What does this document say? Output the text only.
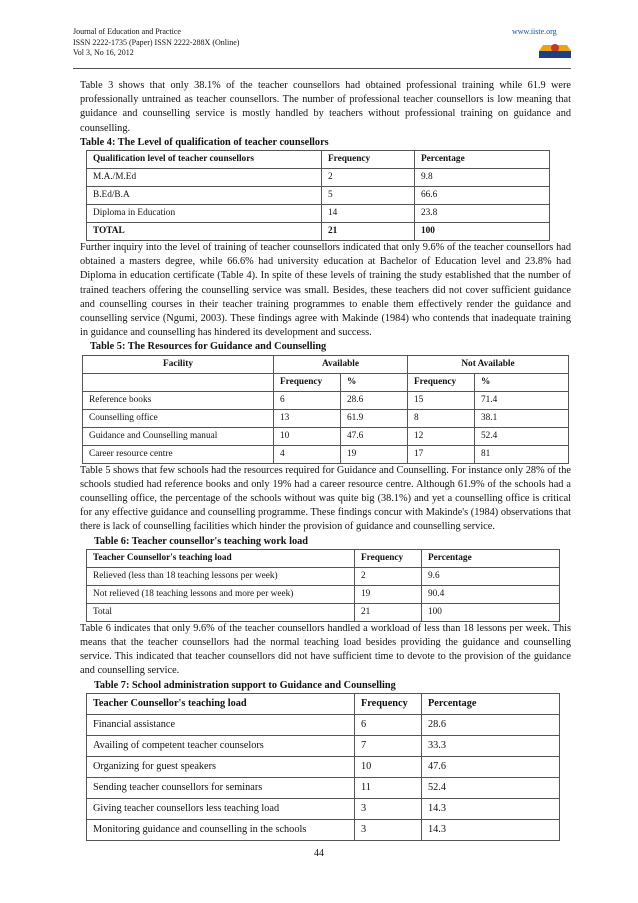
Journal of Education and Practice
ISSN 2222-1735 (Paper) ISSN 2222-288X (Online)
Vol 3, No 16, 2012
www.iiste.org

Table 3 shows that only 38.1% of the teacher counsellors had obtained professional training while 61.9 were professionally untrained as teacher counsellors. The number of professional teacher counsellors is low meaning that guidance and counselling service is mostly handled by teachers without professional training on guidance and counselling.

Table 4: The Level of qualification of teacher counsellors
Qualification level of teacher counsellors	Frequency	Percentage
M.A./M.Ed	2	9.8
B.Ed/B.A	5	66.6
Diploma in Education	14	23.8
TOTAL	21	100

Further inquiry into the level of training of teacher counsellors indicated that only 9.6% of the teacher counsellors had obtained a masters degree, while 66.6% had university education at Bachelor of Education level and 23.8% had Diploma in education certificate (Table 4). In spite of these levels of training the study established that the number of trained teachers offering the counselling service was small. Besides, these teachers did not cover sufficient guidance and counselling courses in their teacher training programmes to enable them effectively render the guidance and counselling service (Ngumi, 2003). These findings agree with Makinde (1984) who contends that inadequate training in guidance and counselling has hindered its development and success.

Table 5: The Resources for Guidance and Counselling
Facility	Available		Not Available	
	Frequency	%	Frequency	%
Reference books	6	28.6	15	71.4
Counselling office	13	61.9	8	38.1
Guidance and Counselling manual	10	47.6	12	52.4
Career resource centre	4	19	17	81

Table 5 shows that few schools had the resources required for Guidance and Counselling. For instance only 28% of the schools studied had reference books and only 19% had a career resource centre. Although 61.9% of the schools had a counselling office, the percentage of the schools without was quite big (38.1%) and yet a counselling office is critical for any effective guidance and counselling programme. These findings concur with Makinde's (1984) observations that there is lack of counselling facilities which hinder the provision of guidance and counselling service.

Table 6: Teacher counsellor's teaching work load
Teacher Counsellor's teaching load	Frequency	Percentage
Relieved (less than 18 teaching lessons per week)	2	9.6
Not relieved (18 teaching lessons and more per week)	19	90.4
Total	21	100

Table 6 indicates that only 9.6% of the teacher counsellors handled a workload of less than 18 lessons per week. This means that the teacher counsellors had the normal teaching load besides providing the guidance and counselling service. This indicated that teacher counsellors did not have sufficient time to devote to the provision of the guidance and counselling service.

Table 7: School administration support to Guidance and Counselling
Teacher Counsellor's teaching load	Frequency	Percentage
Financial assistance	6	28.6
Availing of competent teacher counselors	7	33.3
Organizing for guest speakers	10	47.6
Sending teacher counsellors for seminars	11	52.4
Giving teacher counsellors less teaching load	3	14.3
Monitoring guidance and counselling in the schools	3	14.3
44
